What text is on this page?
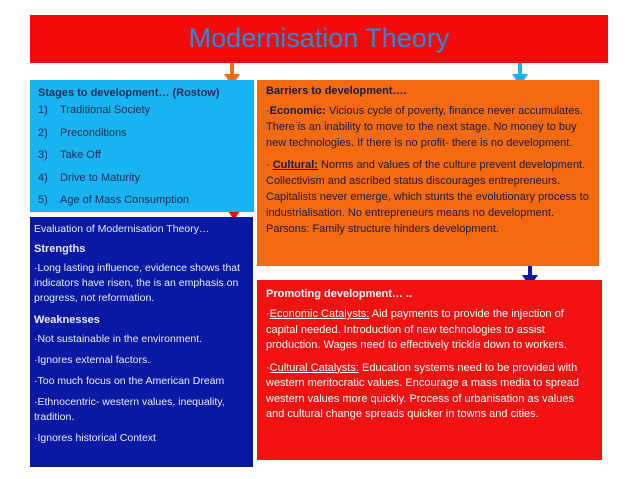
Modernisation Theory
Stages to development… (Rostow)
1) Traditional Society
2) Preconditions
3) Take Off
4) Drive to Maturity
5) Age of Mass Consumption
Barriers to development….
·Economic: Vicious cycle of poverty, finance never accumulates. There is an inability to move to the next stage. No money to buy new technologies. If there is no profit- there is no development.
· Cultural: Norms and values of the culture prevent development. Collectivism and ascribed status discourages entrepreneurs. Capitalists never emerge, which stunts the evolutionary process to industrialisation. No entrepreneurs means no development. Parsons: Family structure hinders development.
Promoting development… ..
·Economic Catalysts: Aid payments to provide the injection of capital needed. Introduction of new technologies to assist production. Wages need to effectively trickle down to workers.
·Cultural Catalysts: Education systems need to be provided with western meritocratic values. Encourage a mass media to spread western values more quickly. Process of urbanisation as values and cultural change spreads quicker in towns and cities.
Evaluation of Modernisation Theory…
Strengths
·Long lasting influence, evidence shows that indicators have risen, the is an emphasis on progress, not reformation.
Weaknesses
·Not sustainable in the environment.
·Ignores external factors.
·Too much focus on the American Dream
·Ethnocentric- western values, inequality, tradition.
·Ignores historical Context
